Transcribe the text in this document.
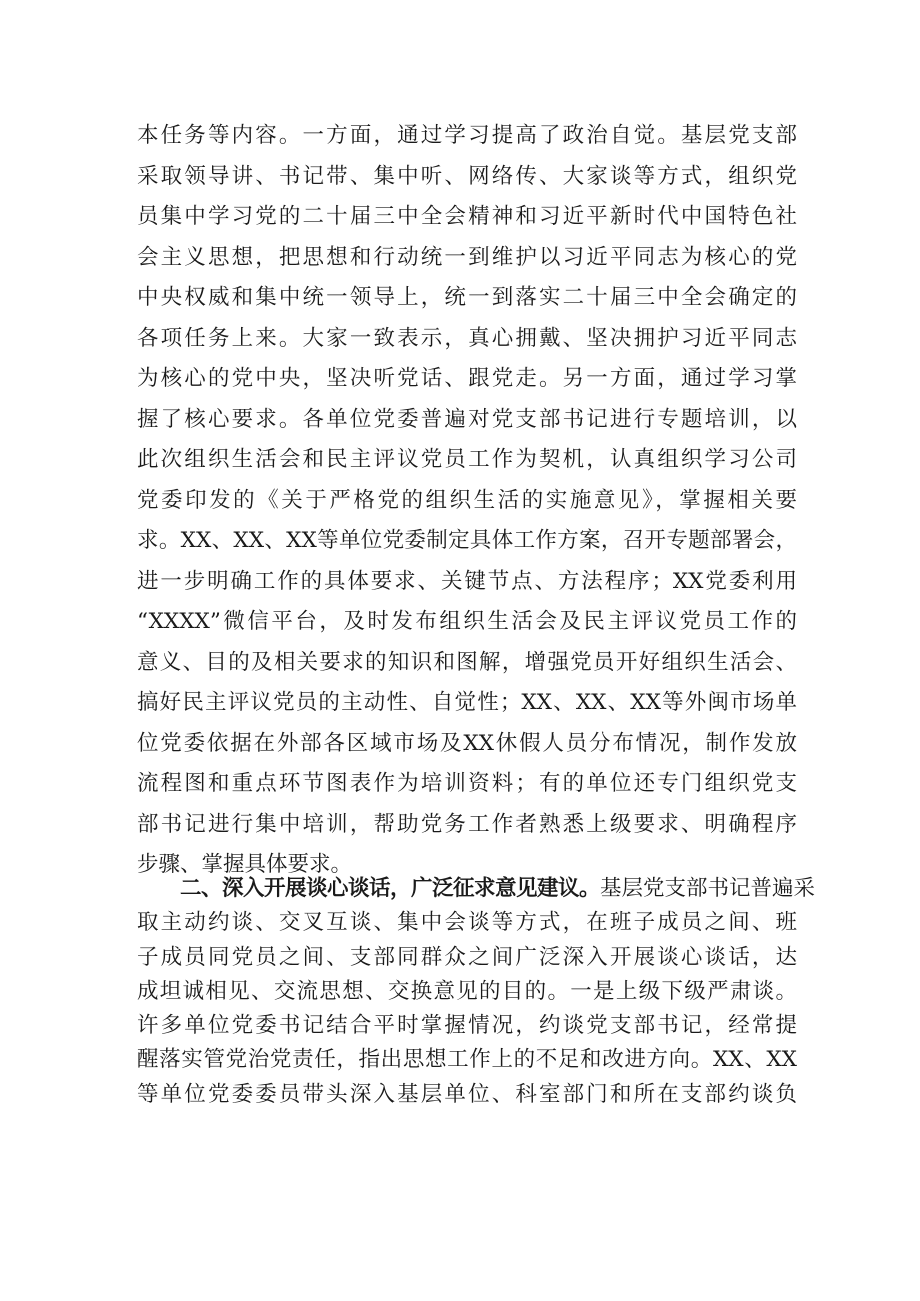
本任务等内容。一方面，通过学习提高了政治自觉。基层党支部
采取领导讲、书记带、集中听、网络传、大家谈等方式，组织党
员集中学习党的二十届三中全会精神和习近平新时代中国特色社
会主义思想，把思想和行动统一到维护以习近平同志为核心的党
中央权威和集中统一领导上，统一到落实二十届三中全会确定的
各项任务上来。大家一致表示，真心拥戴、坚决拥护习近平同志
为核心的党中央，坚决听党话、跟党走。另一方面，通过学习掌
握了核心要求。各单位党委普遍对党支部书记进行专题培训，以
此次组织生活会和民主评议党员工作为契机，认真组织学习公司
党委印发的《关于严格党的组织生活的实施意见》，掌握相关要
求。XX、XX、XX等单位党委制定具体工作方案，召开专题部署会，
进一步明确工作的具体要求、关键节点、方法程序；XX党委利用
“XXXX”微信平台，及时发布组织生活会及民主评议党员工作的
意义、目的及相关要求的知识和图解，增强党员开好组织生活会、
搞好民主评议党员的主动性、自觉性；XX、XX、XX等外闽市场单
位党委依据在外部各区域市场及XX休假人员分布情况，制作发放
流程图和重点环节图表作为培训资料；有的单位还专门组织党支
部书记进行集中培训，帮助党务工作者熟悉上级要求、明确程序
步骤、掌握具体要求。
二、深入开展谈心谈话，广泛征求意见建议。基层党支部书记普遍采
取主动约谈、交叉互谈、集中会谈等方式，在班子成员之间、班
子成员同党员之间、支部同群众之间广泛深入开展谈心谈话，达
成坦诚相见、交流思想、交换意见的目的。一是上级下级严肃谈。
许多单位党委书记结合平时掌握情况，约谈党支部书记，经常提
醒落实管党治党责任，指出思想工作上的不足和改进方向。XX、XX
等单位党委委员带头深入基层单位、科室部门和所在支部约谈负
